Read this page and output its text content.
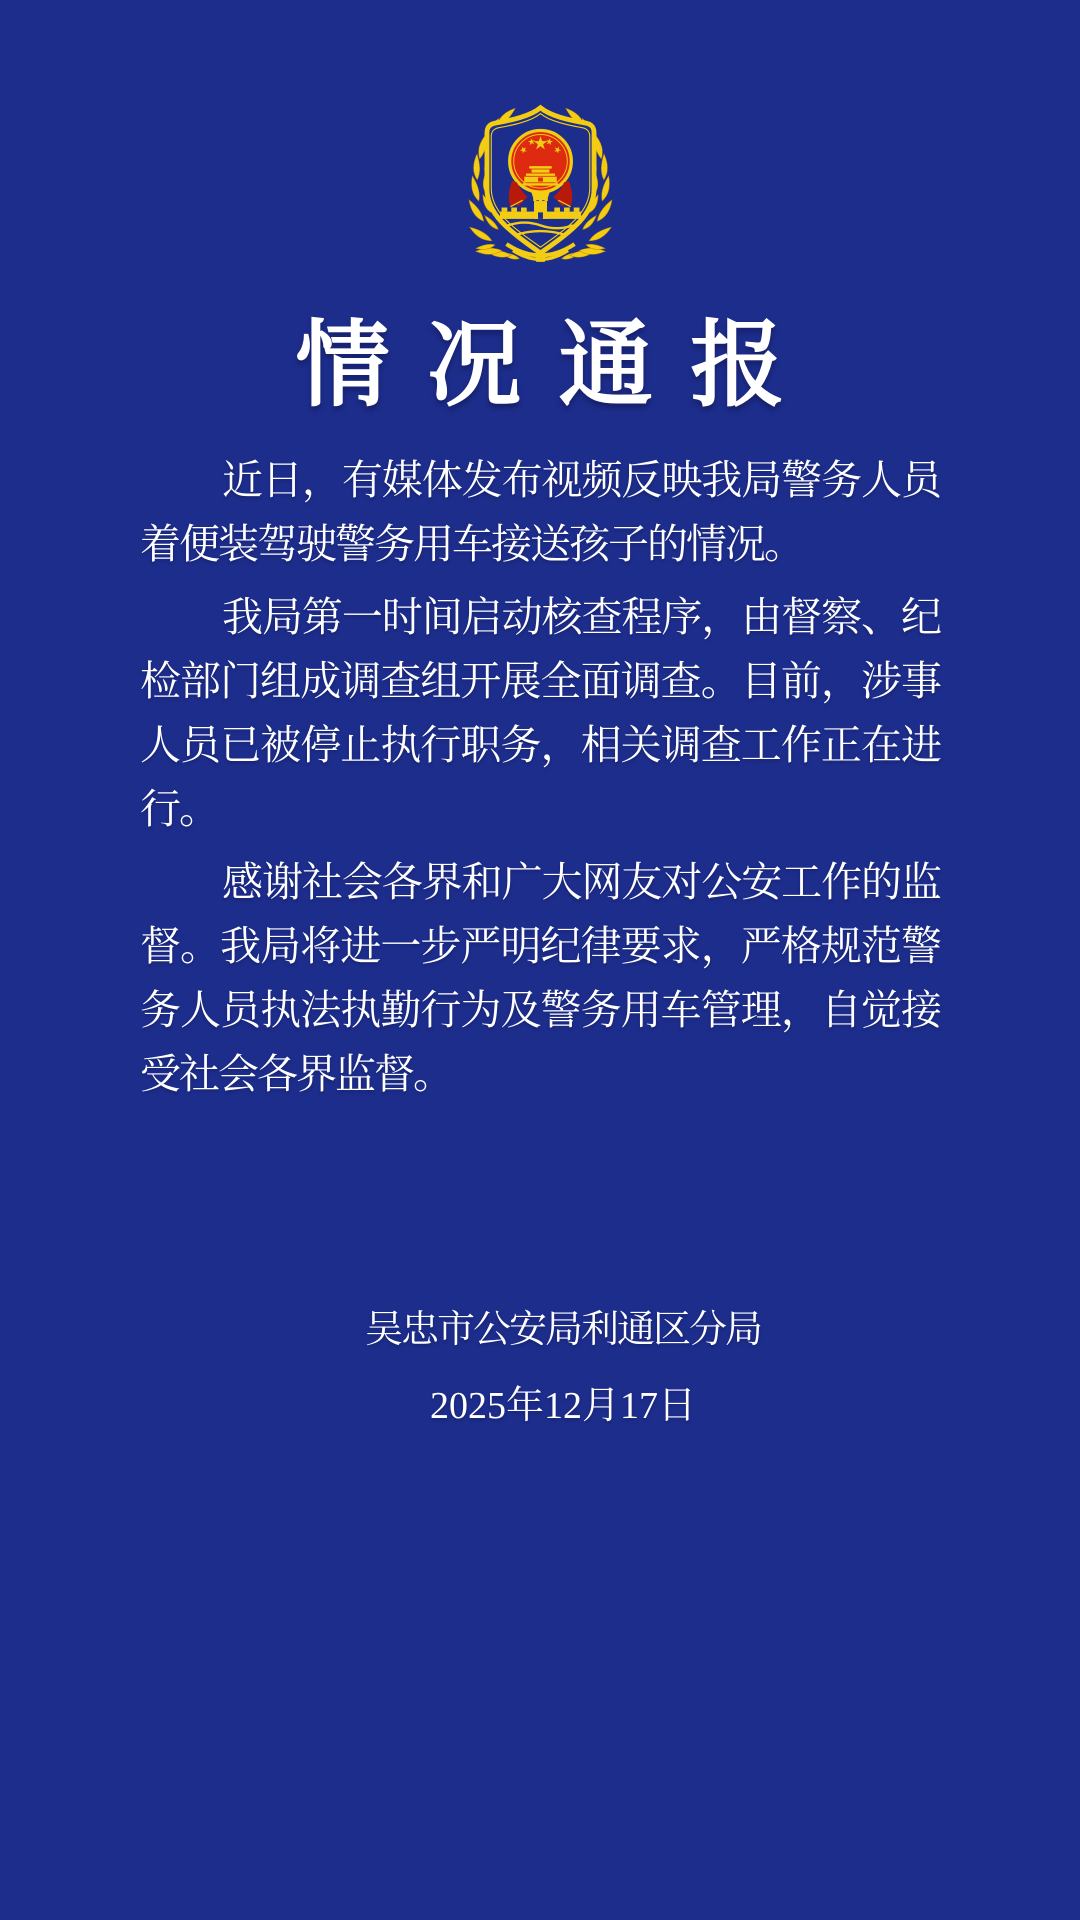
情况通报

近日，有媒体发布视频反映我局警务人员着便装驾驶警务用车接送孩子的情况。

我局第一时间启动核查程序，由督察、纪检部门组成调查组开展全面调查。目前，涉事人员已被停止执行职务，相关调查工作正在进行。

感谢社会各界和广大网友对公安工作的监督。我局将进一步严明纪律要求，严格规范警务人员执法执勤行为及警务用车管理，自觉接受社会各界监督。

吴忠市公安局利通区分局
2025年12月17日
